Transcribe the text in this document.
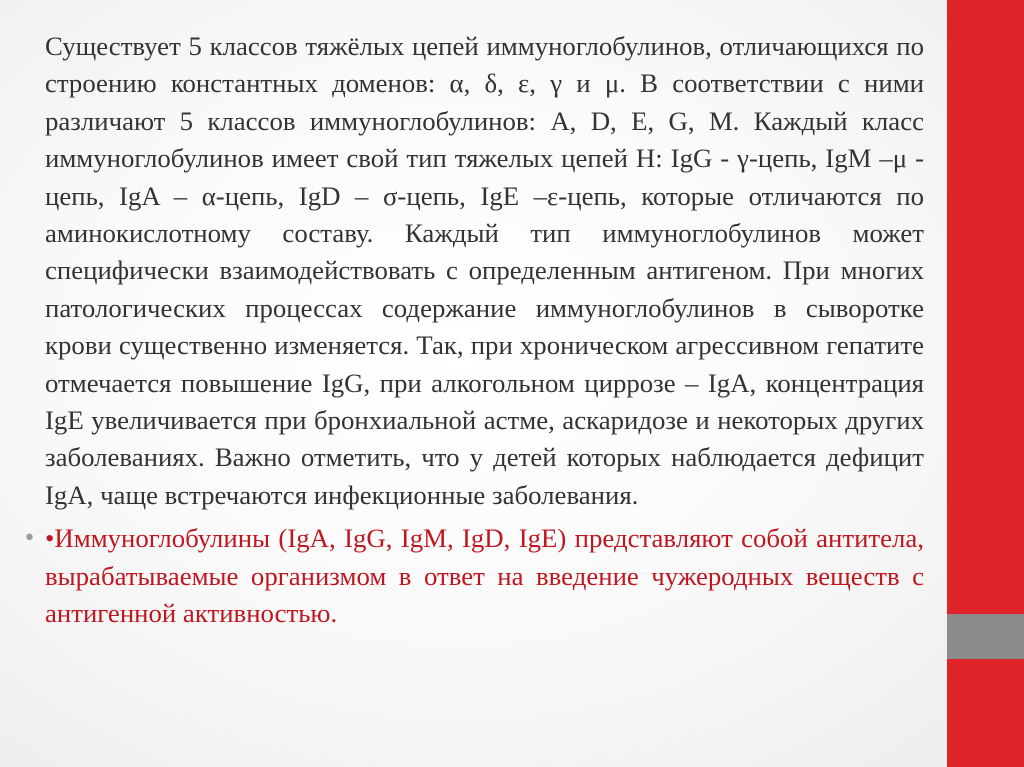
Существует 5 классов тяжёлых цепей иммуноглобулинов, отличающихся по строению константных доменов: α, δ, ε, γ и μ. В соответствии с ними различают 5 классов иммуноглобулинов: A, D, E, G, M. Каждый класс иммуноглобулинов имеет свой тип тяжелых цепей H: IgG - γ-цепь, IgM –μ - цепь, IgA – α-цепь, IgD – σ-цепь, IgE –ε-цепь, которые отличаются по аминокислотному составу. Каждый тип иммуноглобулинов может специфически взаимодействовать с определенным антигеном. При многих патологических процессах содержание иммуноглобулинов в сыворотке крови существенно изменяется. Так, при хроническом агрессивном гепатите отмечается повышение IgG, при алкогольном циррозе – IgA, концентрация IgE увеличивается при бронхиальной астме, аскаридозе и некоторых других заболеваниях. Важно отметить, что у детей которых наблюдается дефицит IgA, чаще встречаются инфекционные заболевания.

• •Иммуноглобулины (IgA, IgG, IgM, IgD, IgE) представляют собой антитела, вырабатываемые организмом в ответ на введение чужеродных веществ с антигенной активностью.
